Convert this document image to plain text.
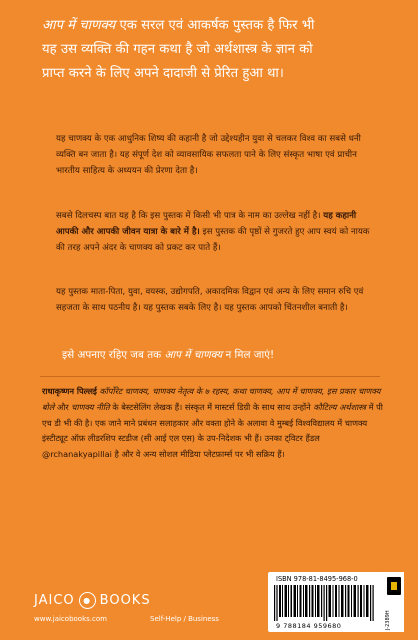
आप में चाणक्य एक सरल एवं आकर्षक पुस्तक है फिर भी
यह उस व्यक्ति की गहन कथा है जो अर्थशास्त्र के ज्ञान को
प्राप्त करने के लिए अपने दादाजी से प्रेरित हुआ था।
यह चाणक्य के एक आधुनिक शिष्य की कहानी है जो उद्देश्यहीन युवा से चलकर विश्व का सबसे धनी व्यक्ति बन जाता है। यह संपूर्ण देश को व्यावसायिक सफलता पाने के लिए संस्कृत भाषा एवं प्राचीन भारतीय साहित्य के अध्ययन की प्रेरणा देता है।
सबसे दिलचस्प बात यह है कि इस पुस्तक में किसी भी पात्र के नाम का उल्लेख नहीं है। यह कहानी आपकी और आपकी जीवन यात्रा के बारे में है। इस पुस्तक की पृष्ठों से गुजरते हुए आप स्वयं को नायक की तरह अपने अंदर के चाणक्य को प्रकट कर पाते हैं।
यह पुस्तक माता-पिता, युवा, वयस्क, उद्योगपति, अकादमिक विद्वान एवं अन्य के लिए समान रुचि एवं सहजता के साथ पठनीय है। यह पुस्तक सबके लिए है। यह पुस्तक आपको चिंतनशील बनाती है।
इसे अपनाए रहिए जब तक आप में चाणक्य न मिल जाएं!
राधाकृष्णन पिल्लई कॉर्पोरेट चाणक्य, चाणक्य नेतृत्व के ७ रहस्य, कथा चाणक्य, आप में चाणक्य, इस प्रकार चाणक्य बोले और चाणक्य नीति के बेस्टसेलिंग लेखक हैं। संस्कृत में मास्टर्स डिग्री के साथ साथ उन्होंने कौटिल्य अर्थशास्त्र में पी एच डी भी की है। एक जाने माने प्रबंधन सलाहकार और वक्ता होने के अलावा वे मुम्बई विश्वविद्यालय में चाणक्य इंस्टीट्यूट ऑफ़ लीडरशिप स्टडीज (सी आई एल एस) के उप-निदेशक भी हैं। उनका ट्विटर हैंडल @rchanakyapillai है और वे अन्य सोशल मीडिया प्लेटफ़ार्म्स पर भी सक्रिय हैं।
JAICO	● BOOKS
www.jaicobooks.com	Self-Help / Business
ISBN 978-81-8495-968-0
9 788184 959680	J-2389H
